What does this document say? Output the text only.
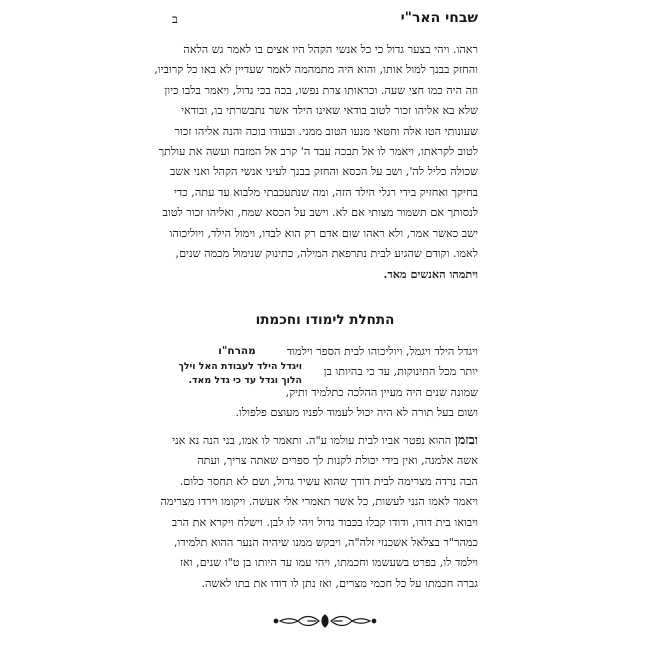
שבחי האר"י
ב
ראהו. ויהי בצער גדול כי כל אנשי הקהל היו אצים בו לאמר גש הלאה
והחזק בבנך למול אותו, והוא היה מתמהמה לאמר שעדיין לא באו כל קרוביו,
וזה היה כמו חצי שעה. וכראותו צרת נפשו, בכה בכי גדול, ויאמר בלבו כיון
שלא בא אליהו זכור לטוב בודאי שאינו הילד אשר נתבשרתי בו, ובודאי
שעונותי הטו אלה וחטאי מנעו הטוב ממני. ובעודו בוכה והנה אליהו זכור
לטוב לקראתו, ויאמר לו אל תבכה עבד ה' קרב אל המזבח ועשה את עולתך
שכולה כליל לה', ושב על הכסא והחזק בבנך לעיני אנשי הקהל ואני אשב
בחיקך ואחזיק בידי רגלי הילד הזה, ומה שנתעכבתי מלבוא עד עתה, כדי
לנסותך אם תשמור מצותי אם לא. וישב על הכסא שמח, ואליהו זכור לטוב
ישב כאשר אמר, ולא ראהו שום אדם רק הוא לבדו, וימול הילד, ויוליכוהו
לאמו. וקודם שהגיע לבית נתרפאת המילה, כתינוק שנימול מכמה שנים,
ויתמהו האנשים מאד.
התחלת לימודו וחכמתו
מהרח"ו
ויגדל הילד לעבודת האל וילך
הלוך וגדל עד כי גדל מאד.
ויגדל הילד ויגמל, ויוליכוהו לבית הספר וילמוד
יותר מכל התינוקות, עד כי בהיותו בן
שמונה שנים היה מעיין ההלכה כתלמיד ותיק,
ושום בעל תורה לא היה יכול לעמוד לפניו מעוצם פלפולו.
ובזמן ההוא נפטר אביו לבית עולמו ע"ה. ותאמר לו אמו, בני הנה נא אני
אשה אלמנה, ואין בידי יכולת לקנות לך ספרים שאתה צריך, ועתה
הבה נרדה מצרימה לבית דודך שהוא עשיר גדול, ושם לא תחסר כלום.
ויאמר לאמו הנני לעשות, כל אשר תאמרי אלי אעשה. ויקומו וירדו מצרימה
ויבואו בית דודו, ודודו קבלו בכבוד גדול ויהי לו לבן. וישלח ויקרא את הרב
כמהר"ר בצלאל אשכנזי זלה"ה, ויבקש ממנו שיהיה הנער ההוא תלמידו,
וילמד לו, בפרט בשעשמו וחכמתו, ויהי עמו עד היותו בן ט"ו שנים, ואז
גברה חכמתו על כל חכמי מצרים, ואז נתן לו דודו את בתו לאשה.
